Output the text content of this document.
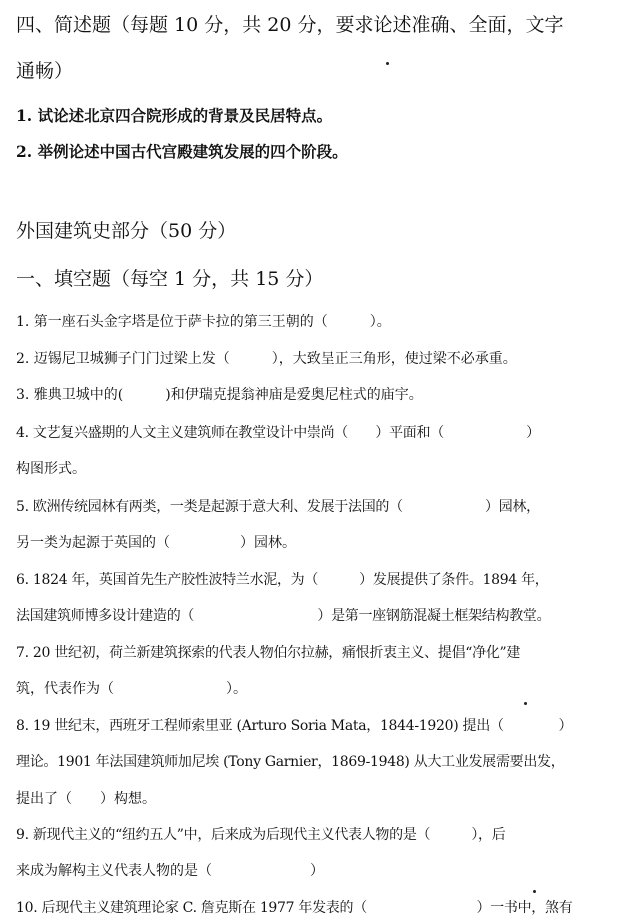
四、简述题（每题 10 分，共 20 分，要求论述准确、全面，文字
通畅）
1. 试论述北京四合院形成的背景及民居特点。
2. 举例论述中国古代宫殿建筑发展的四个阶段。
外国建筑史部分（50 分）
一、填空题（每空 1 分，共 15 分）
1. 第一座石头金字塔是位于萨卡拉的第三王朝的（　　　）。
2. 迈锡尼卫城狮子门门过梁上发（　　　），大致呈正三角形，使过梁不必承重。
3. 雅典卫城中的(　　　)和伊瑞克提翁神庙是爱奥尼柱式的庙宇。
4. 文艺复兴盛期的人文主义建筑师在教堂设计中崇尚（　　）平面和（　　　　　　）
构图形式。
5. 欧洲传统园林有两类，一类是起源于意大利、发展于法国的（　　　　　　）园林，
另一类为起源于英国的（　　　　　）园林。
6. 1824 年，英国首先生产胶性波特兰水泥，为（　　　）发展提供了条件。1894 年，
法国建筑师博多设计建造的（　　　　　　　　　）是第一座钢筋混凝土框架结构教堂。
7. 20 世纪初，荷兰新建筑探索的代表人物伯尔拉赫，痛恨折衷主义、提倡“净化”建
筑，代表作为（　　　　　　　　）。
8. 19 世纪末，西班牙工程师索里亚 (Arturo Soria Mata，1844-1920) 提出（　　　　）
理论。1901 年法国建筑师加尼埃 (Tony Garnier，1869-1948) 从大工业发展需要出发，
提出了（　　）构想。
9. 新现代主义的“纽约五人”中，后来成为后现代主义代表人物的是（　　　），后
来成为解构主义代表人物的是（　　　　　　　）
10. 后现代主义建筑理论家 C. 詹克斯在 1977 年发表的（　　　　　　　　）一书中，煞有
